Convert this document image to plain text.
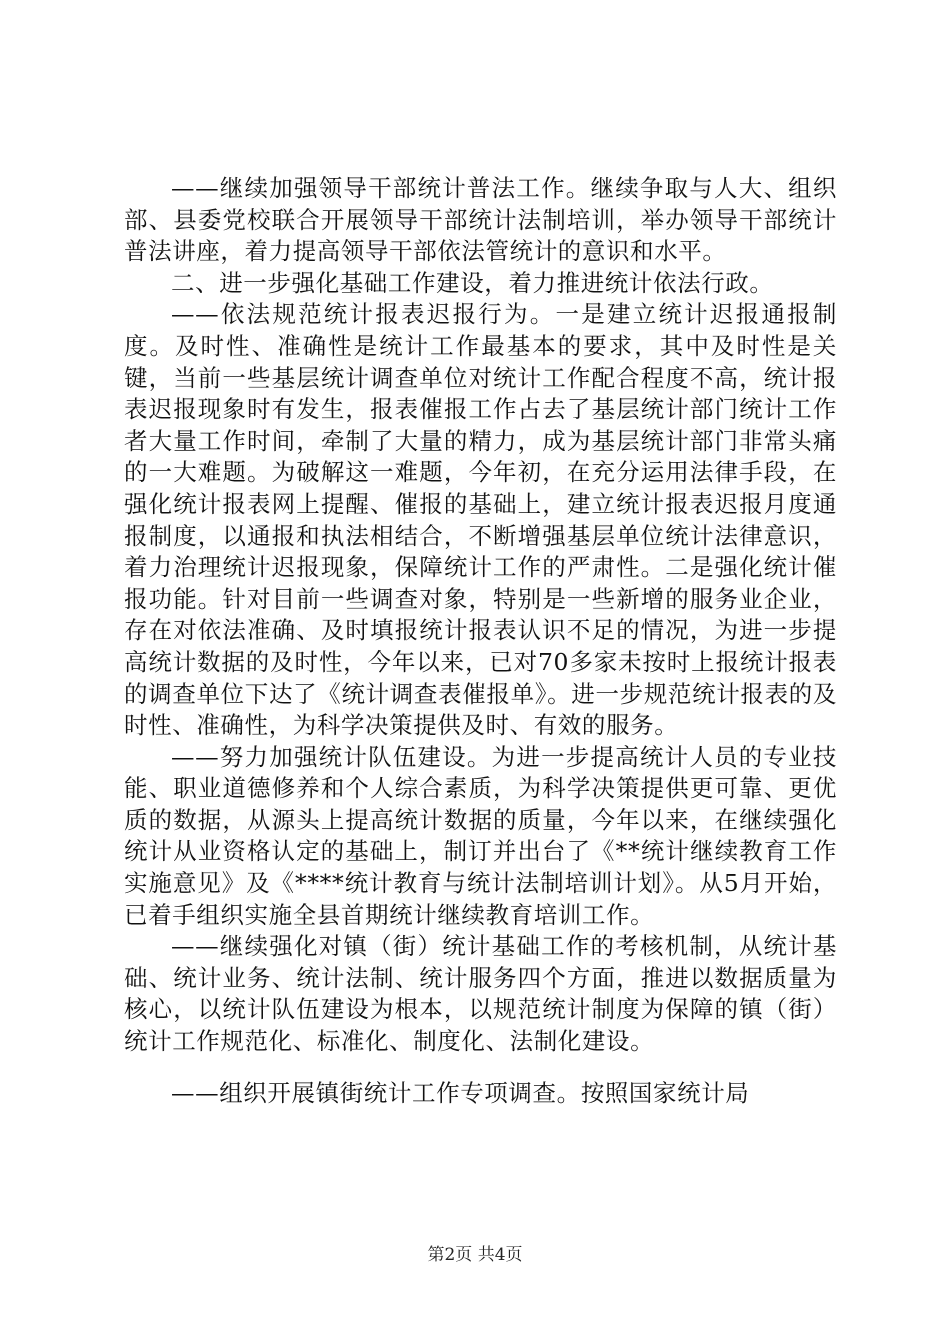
——继续加强领导干部统计普法工作。继续争取与人大、组织部、县委党校联合开展领导干部统计法制培训，举办领导干部统计普法讲座，着力提高领导干部依法管统计的意识和水平。

二、进一步强化基础工作建设，着力推进统计依法行政。

——依法规范统计报表迟报行为。一是建立统计迟报通报制度。及时性、准确性是统计工作最基本的要求，其中及时性是关键，当前一些基层统计调查单位对统计工作配合程度不高，统计报表迟报现象时有发生，报表催报工作占去了基层统计部门统计工作者大量工作时间，牵制了大量的精力，成为基层统计部门非常头痛的一大难题。为破解这一难题，今年初，在充分运用法律手段，在强化统计报表网上提醒、催报的基础上，建立统计报表迟报月度通报制度，以通报和执法相结合，不断增强基层单位统计法律意识，着力治理统计迟报现象，保障统计工作的严肃性。二是强化统计催报功能。针对目前一些调查对象，特别是一些新增的服务业企业，存在对依法准确、及时填报统计报表认识不足的情况，为进一步提高统计数据的及时性，今年以来，已对70多家未按时上报统计报表的调查单位下达了《统计调查表催报单》。进一步规范统计报表的及时性、准确性，为科学决策提供及时、有效的服务。

——努力加强统计队伍建设。为进一步提高统计人员的专业技能、职业道德修养和个人综合素质，为科学决策提供更可靠、更优质的数据，从源头上提高统计数据的质量，今年以来，在继续强化统计从业资格认定的基础上，制订并出台了《**统计继续教育工作实施意见》及《****统计教育与统计法制培训计划》。从5月开始，已着手组织实施全县首期统计继续教育培训工作。

——继续强化对镇（街）统计基础工作的考核机制，从统计基础、统计业务、统计法制、统计服务四个方面，推进以数据质量为核心，以统计队伍建设为根本，以规范统计制度为保障的镇（街）统计工作规范化、标准化、制度化、法制化建设。

——组织开展镇街统计工作专项调查。按照国家统计局

第2页 共4页
